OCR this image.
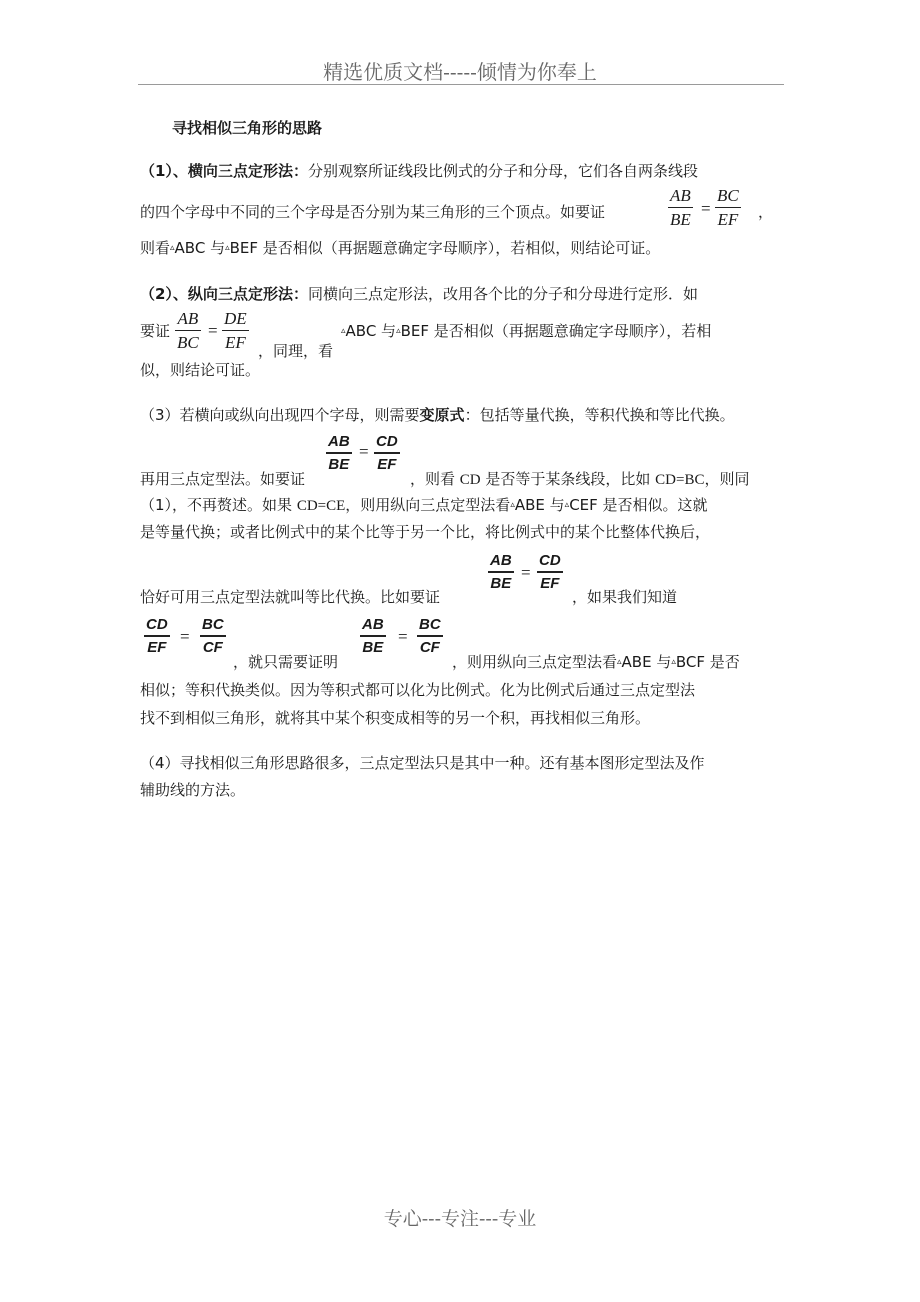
精选优质文档-----倾情为你奉上
专心---专注---专业
寻找相似三角形的思路
（1）、横向三点定形法：分别观察所证线段比例式的分子和分母，它们各自两条线段
的四个字母中不同的三个字母是否分别为某三角形的三个顶点。如要证
AB
BE
=
BC
EF ，
则看▵ABC 与▵BEF 是否相似（再据题意确定字母顺序），若相似，则结论可证。
（2）、纵向三点定形法：同横向三点定形法，改用各个比的分子和分母进行定形．如
要证
AB
BC
=
DE
EF ，同理，看
▵ABC 与▵BEF 是否相似（再据题意确定字母顺序），若相
似，则结论可证。
（3）若横向或纵向出现四个字母，则需要变原式：包括等量代换，等积代换和等比代换。
AB
BE
=
CD
EF
再用三点定型法。如要证	，则看 CD 是否等于某条线段，比如 CD=BC，则同
（1），不再赘述。如果 CD=CE，则用纵向三点定型法看▵ABE 与▵CEF 是否相似。这就
是等量代换；或者比例式中的某个比等于另一个比，将比例式中的某个比整体代换后，
AB
BE
=
CD
EF
恰好可用三点定型法就叫等比代换。比如要证	，如果我们知道
CD
EF
=
BC
CF
，就只需要证明
AB
BE
=
BC
CF
，则用纵向三点定型法看▵ABE 与▵BCF 是否
相似；等积代换类似。因为等积式都可以化为比例式。化为比例式后通过三点定型法
找不到相似三角形，就将其中某个积变成相等的另一个积，再找相似三角形。
（4）寻找相似三角形思路很多，三点定型法只是其中一种。还有基本图形定型法及作
辅助线的方法。
